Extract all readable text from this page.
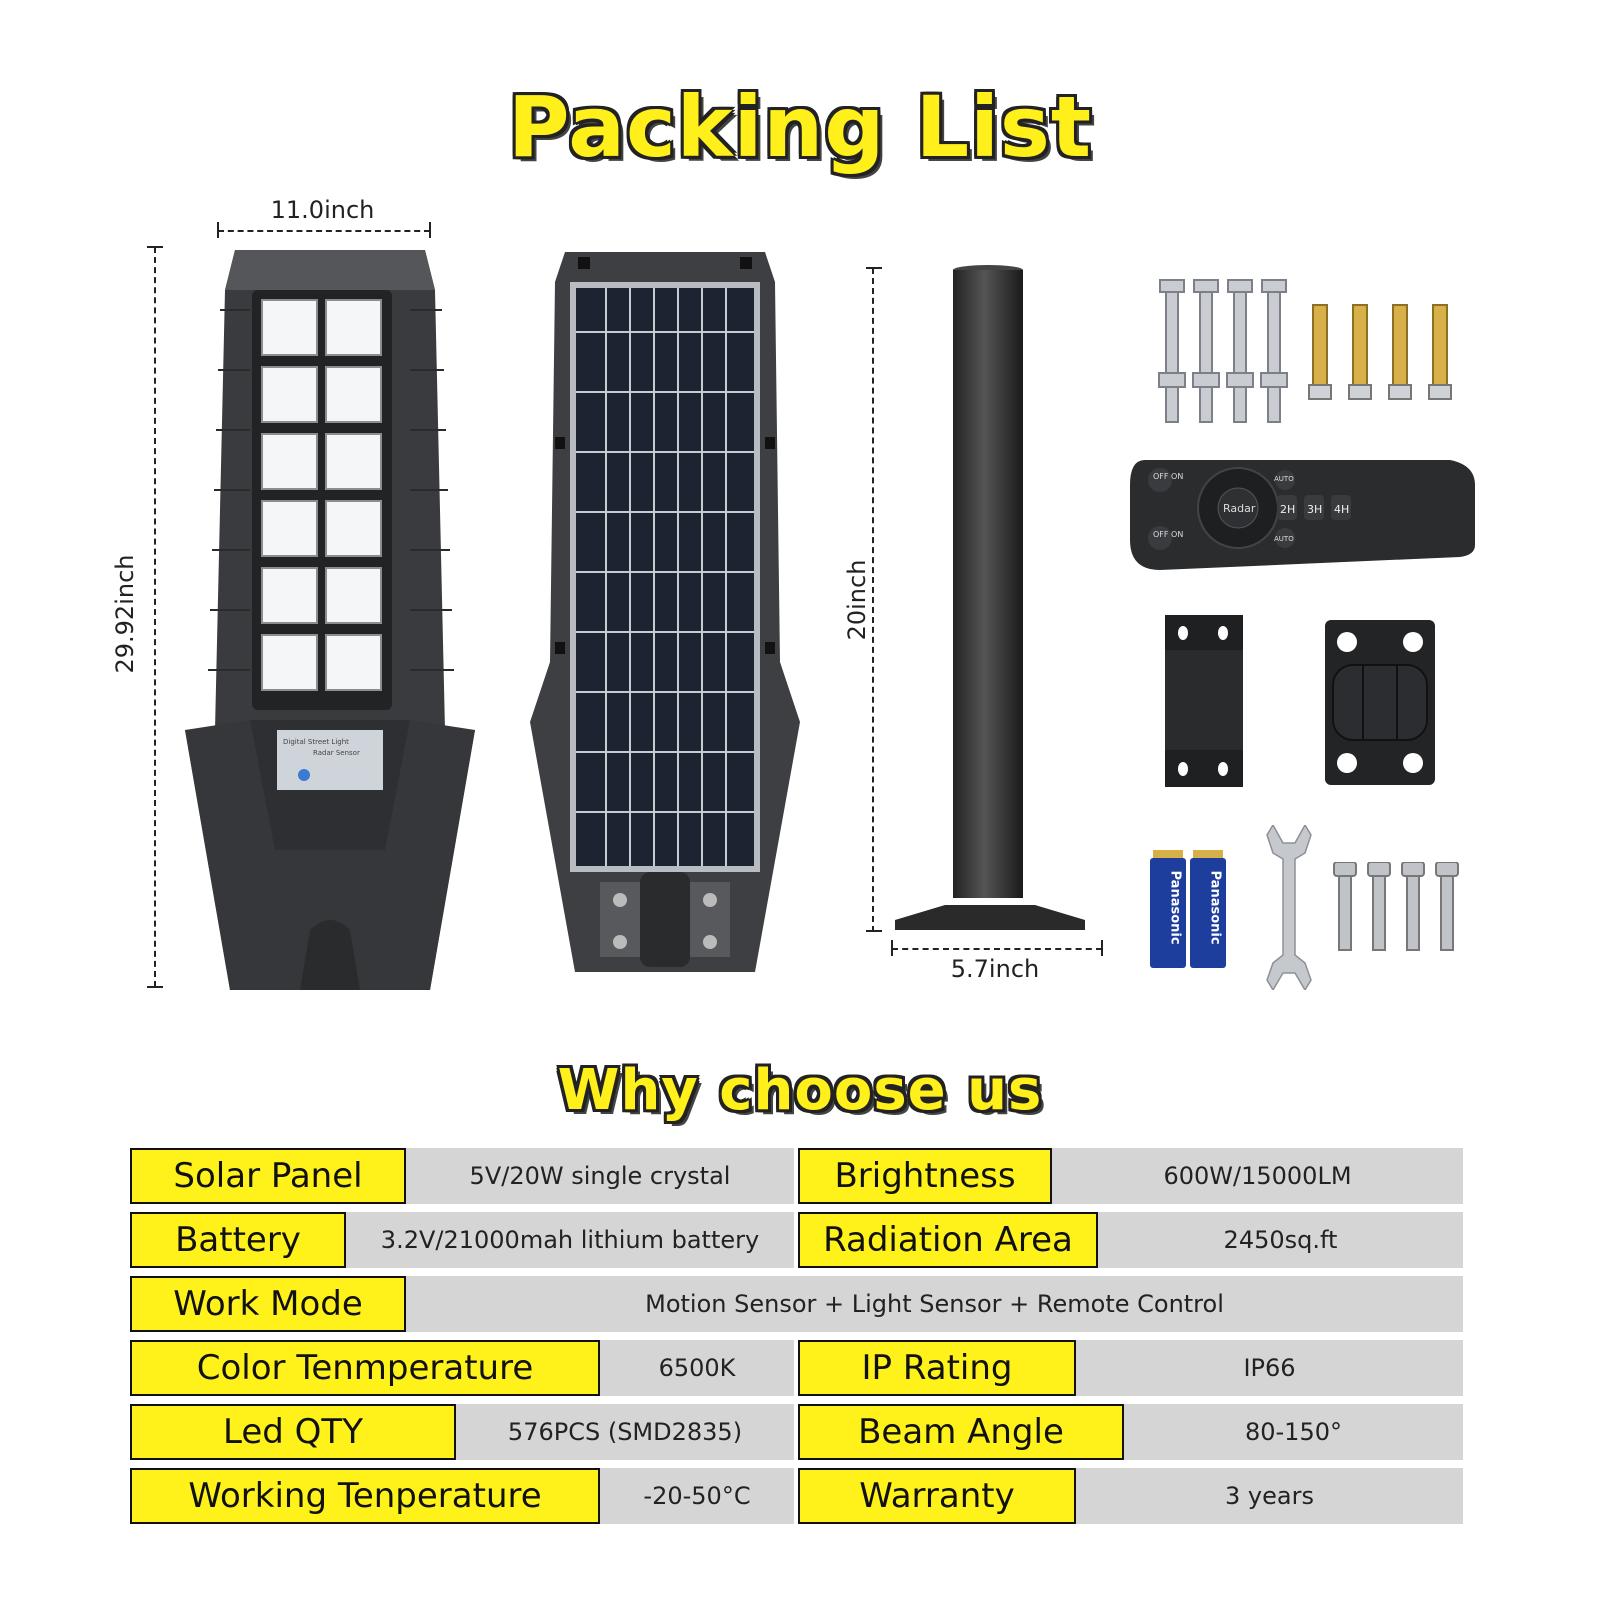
Packing List
Why choose us
11.0inch
29.92inch
Digital Street Light
Radar Sensor
20inch
5.7inch
OFF ON
OFF ON
Radar
AUTO
AUTO
2H 3H 4H
Panasonic Panasonic
Solar Panel	5V/20W single crystal	Brightness	600W/15000LM
Battery	3.2V/21000mah lithium battery	Radiation Area	2450sq.ft
Work Mode	Motion Sensor + Light Sensor + Remote Control
Color Tenmperature	6500K	IP Rating	IP66
Led QTY	576PCS (SMD2835)	Beam Angle	80-150°
Working Tenperature	-20-50°C	Warranty	3 years
